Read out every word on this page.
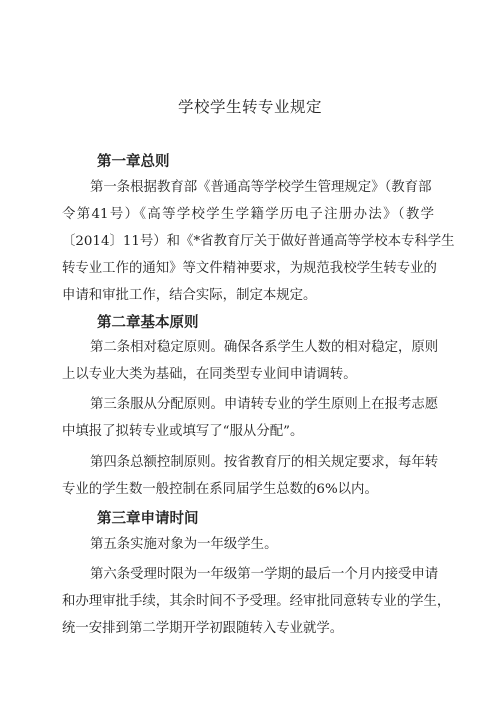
学校学生转专业规定
第一章总则
第一条根据教育部《普通高等学校学生管理规定》（教育部
令第41号）《高等学校学生学籍学历电子注册办法》（教学
〔2014〕11号）和《*省教育厅关于做好普通高等学校本专科学生
转专业工作的通知》等文件精神要求，为规范我校学生转专业的
申请和审批工作，结合实际，制定本规定。
第二章基本原则
第二条相对稳定原则。确保各系学生人数的相对稳定，原则
上以专业大类为基础，在同类型专业间申请调转。
第三条服从分配原则。申请转专业的学生原则上在报考志愿
中填报了拟转专业或填写了“服从分配”。
第四条总额控制原则。按省教育厅的相关规定要求，每年转
专业的学生数一般控制在系同届学生总数的6%以内。
第三章申请时间
第五条实施对象为一年级学生。
第六条受理时限为一年级第一学期的最后一个月内接受申请
和办理审批手续，其余时间不予受理。经审批同意转专业的学生，
统一安排到第二学期开学初跟随转入专业就学。
